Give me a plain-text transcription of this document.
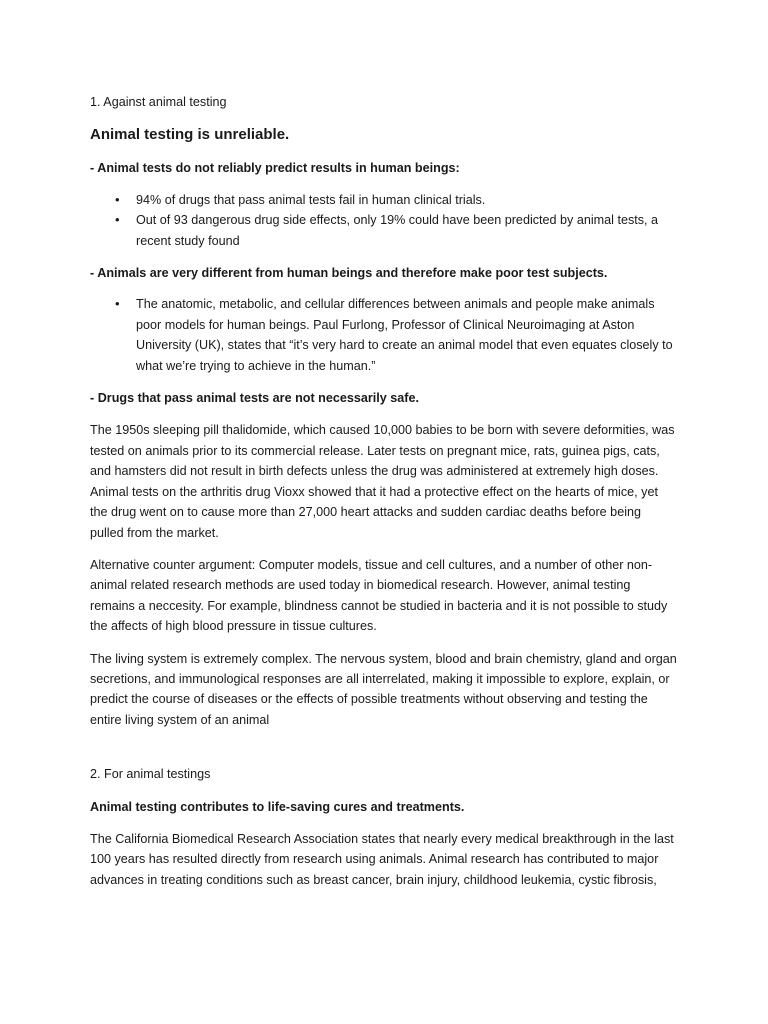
1. Against animal testing

Animal testing is unreliable.

- Animal tests do not reliably predict results in human beings:

• 94% of drugs that pass animal tests fail in human clinical trials.
• Out of 93 dangerous drug side effects, only 19% could have been predicted by animal tests, a recent study found

- Animals are very different from human beings and therefore make poor test subjects.

• The anatomic, metabolic, and cellular differences between animals and people make animals poor models for human beings. Paul Furlong, Professor of Clinical Neuroimaging at Aston University (UK), states that “it’s very hard to create an animal model that even equates closely to what we’re trying to achieve in the human.”

- Drugs that pass animal tests are not necessarily safe.

The 1950s sleeping pill thalidomide, which caused 10,000 babies to be born with severe deformities, was tested on animals prior to its commercial release. Later tests on pregnant mice, rats, guinea pigs, cats, and hamsters did not result in birth defects unless the drug was administered at extremely high doses. Animal tests on the arthritis drug Vioxx showed that it had a protective effect on the hearts of mice, yet the drug went on to cause more than 27,000 heart attacks and sudden cardiac deaths before being pulled from the market.

Alternative counter argument: Computer models, tissue and cell cultures, and a number of other non-animal related research methods are used today in biomedical research. However, animal testing remains a neccesity. For example, blindness cannot be studied in bacteria and it is not possible to study the affects of high blood pressure in tissue cultures.

The living system is extremely complex. The nervous system, blood and brain chemistry, gland and organ secretions, and immunological responses are all interrelated, making it impossible to explore, explain, or predict the course of diseases or the effects of possible treatments without observing and testing the entire living system of an animal

2. For animal testings

Animal testing contributes to life-saving cures and treatments.

The California Biomedical Research Association states that nearly every medical breakthrough in the last 100 years has resulted directly from research using animals. Animal research has contributed to major advances in treating conditions such as breast cancer, brain injury, childhood leukemia, cystic fibrosis,
